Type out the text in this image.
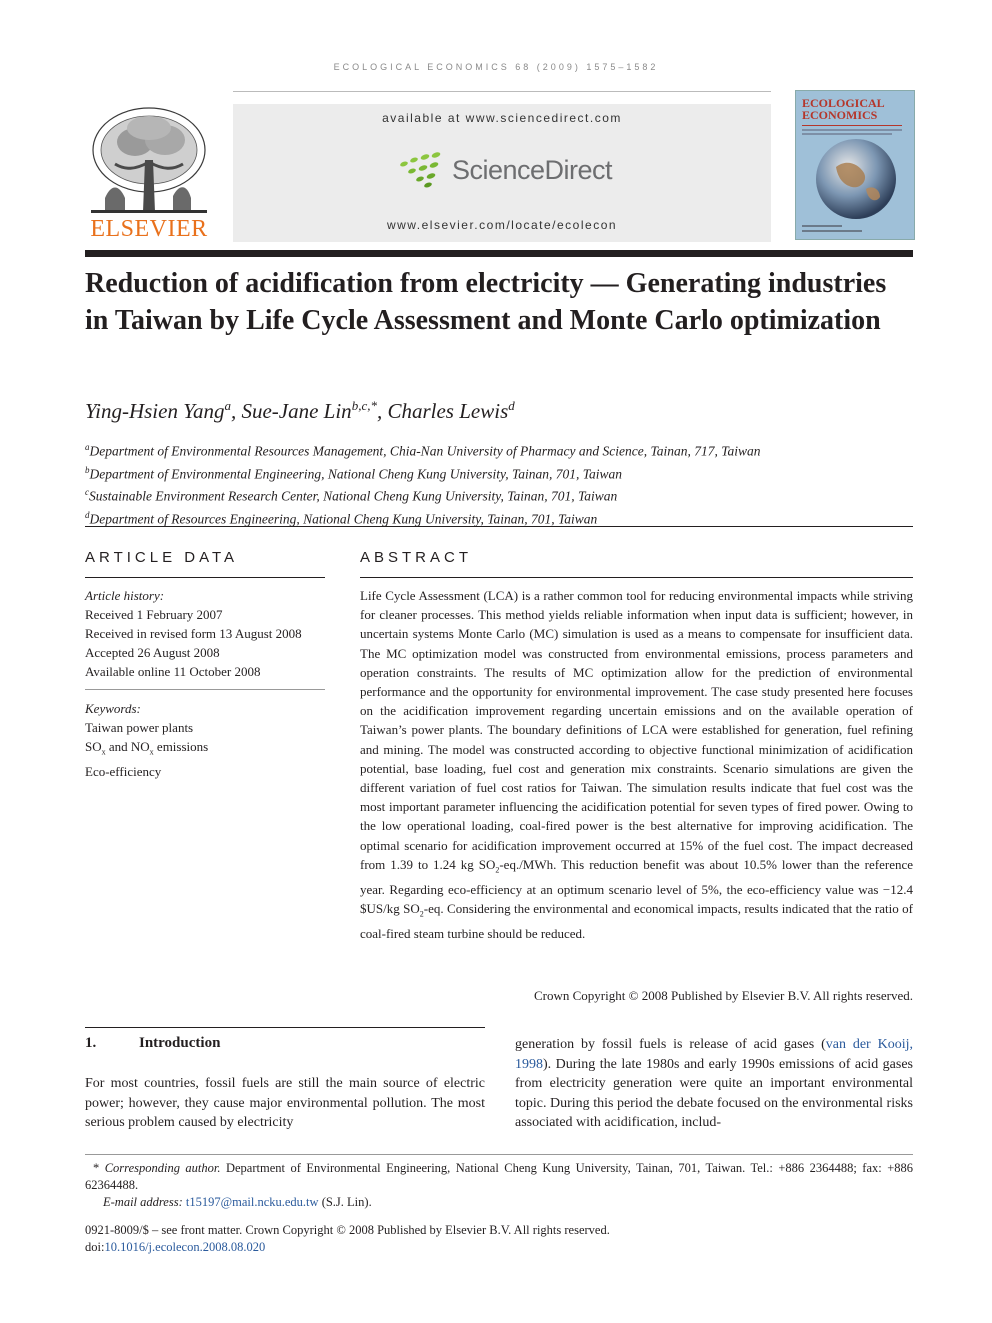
ECOLOGICAL ECONOMICS 68 (2009) 1575–1582
ELSEVIER
available at www.sciencedirect.com
ScienceDirect
www.elsevier.com/locate/ecolecon
ECOLOGICAL
ECONOMICS
Reduction of acidification from electricity — Generating industries in Taiwan by Life Cycle Assessment and Monte Carlo optimization
Ying-Hsien Yang$^a$, Sue-Jane Lin$^{b,c,*}$, Charles Lewis$^d$
$^a$Department of Environmental Resources Management, Chia-Nan University of Pharmacy and Science, Tainan, 717, Taiwan
$^b$Department of Environmental Engineering, National Cheng Kung University, Tainan, 701, Taiwan
$^c$Sustainable Environment Research Center, National Cheng Kung University, Tainan, 701, Taiwan
$^d$Department of Resources Engineering, National Cheng Kung University, Tainan, 701, Taiwan
ARTICLE DATA
Article history:
Received 1 February 2007
Received in revised form 13 August 2008
Accepted 26 August 2008
Available online 11 October 2008
Keywords:
Taiwan power plants
$SO_x$ and $NO_x$ emissions
Eco-efficiency
ABSTRACT
Life Cycle Assessment (LCA) is a rather common tool for reducing environmental impacts while striving for cleaner processes. This method yields reliable information when input data is sufficient; however, in uncertain systems Monte Carlo (MC) simulation is used as a means to compensate for insufficient data. The MC optimization model was constructed from environmental emissions, process parameters and operation constraints. The results of MC optimization allow for the prediction of environmental performance and the opportunity for environmental improvement. The case study presented here focuses on the acidification improvement regarding uncertain emissions and on the available operation of Taiwan’s power plants. The boundary definitions of LCA were established for generation, fuel refining and mining. The model was constructed according to objective functional minimization of acidification potential, base loading, fuel cost and generation mix constraints. Scenario simulations are given the different variation of fuel cost ratios for Taiwan. The simulation results indicate that fuel cost was the most important parameter influencing the acidification potential for seven types of fired power. Owing to the low operational loading, coal-fired power is the best alternative for improving acidification. The optimal scenario for acidification improvement occurred at 15% of the fuel cost. The impact decreased from 1.39 to 1.24 kg $SO_2-eq$./MWh. This reduction benefit was about 10.5% lower than the reference year. Regarding eco-efficiency at an optimum scenario level of 5%, the eco-efficiency value was −12.4 $US/kg $SO_2-eq$. Considering the environmental and economical impacts, results indicated that the ratio of coal-fired steam turbine should be reduced.
Crown Copyright © 2008 Published by Elsevier B.V. All rights reserved.
1.	Introduction
For most countries, fossil fuels are still the main source of electric power; however, they cause major environmental pollution. The most serious problem caused by electricity
generation by fossil fuels is release of acid gases (van der Kooij, 1998). During the late 1980s and early 1990s emissions of acid gases from electricity generation were quite an important environmental topic. During this period the debate focused on the environmental risks associated with acidification, includ-
* Corresponding author. Department of Environmental Engineering, National Cheng Kung University, Tainan, 701, Taiwan. Tel.: +886 2364488; fax: +886 62364488.
E-mail address: t15197@mail.ncku.edu.tw (S.J. Lin).
0921-8009/$ – see front matter. Crown Copyright © 2008 Published by Elsevier B.V. All rights reserved.
doi:10.1016/j.ecolecon.2008.08.020
